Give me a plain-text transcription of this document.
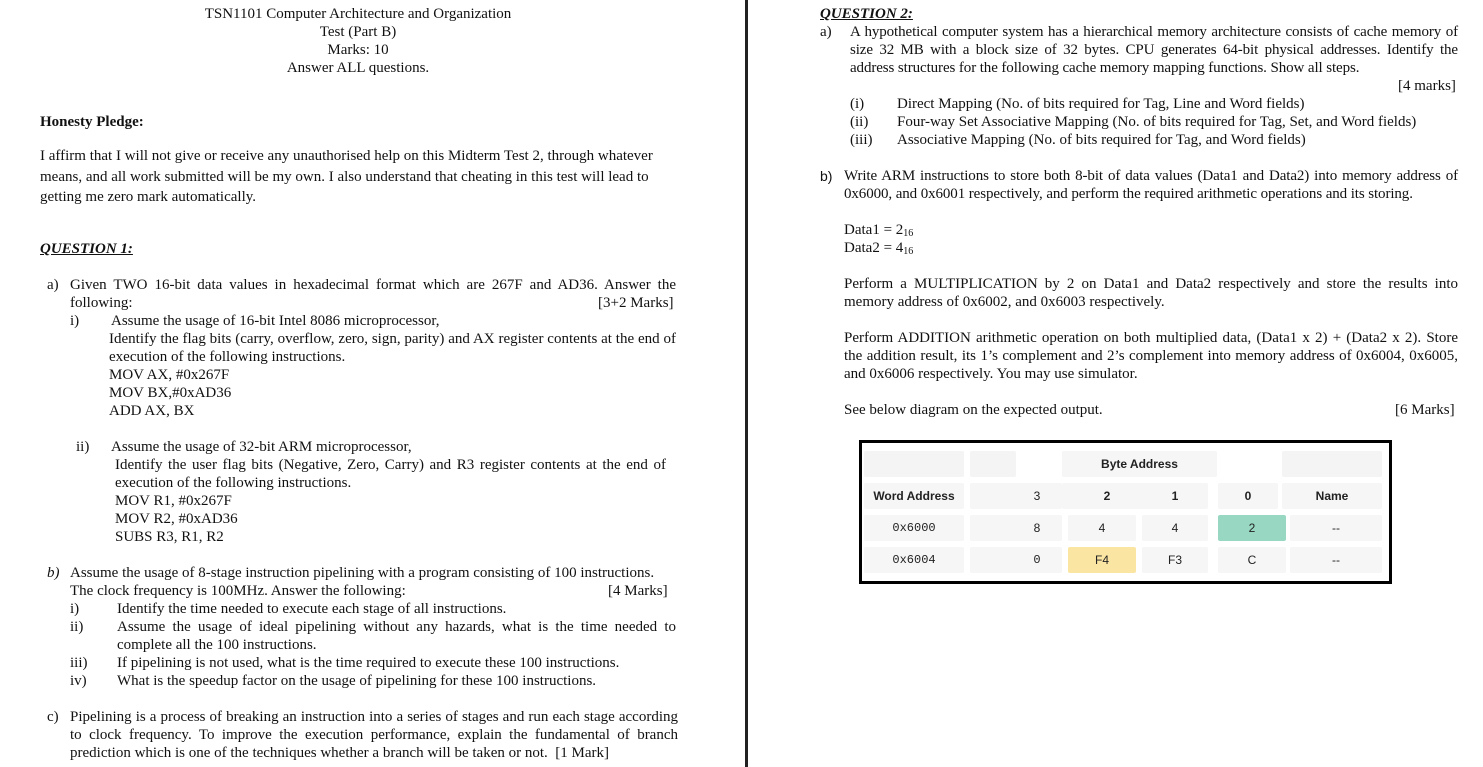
TSN1101 Computer Architecture and Organization
Test (Part B)
Marks: 10
Answer ALL questions.
Honesty Pledge:
I affirm that I will not give or receive any unauthorised help on this Midterm Test 2, through whatever means, and all work submitted will be my own. I also understand that cheating in this test will lead to getting me zero mark automatically.
QUESTION 1:
a) Given TWO 16-bit data values in hexadecimal format which are 267F and AD36. Answer the following:	[3+2 Marks]
i) Assume the usage of 16-bit Intel 8086 microprocessor,
Identify the flag bits (carry, overflow, zero, sign, parity) and AX register contents at the end of execution of the following instructions.
MOV AX, #0x267F
MOV BX,#0xAD36
ADD AX, BX
ii) Assume the usage of 32-bit ARM microprocessor,
Identify the user flag bits (Negative, Zero, Carry) and R3 register contents at the end of execution of the following instructions.
MOV R1, #0x267F
MOV R2, #0xAD36
SUBS R3, R1, R2
b) Assume the usage of 8-stage instruction pipelining with a program consisting of 100 instructions.
The clock frequency is 100MHz. Answer the following:	[4 Marks]
i)	Identify the time needed to execute each stage of all instructions.
ii) Assume the usage of ideal pipelining without any hazards, what is the time needed to complete all the 100 instructions.
iii) If pipelining is not used, what is the time required to execute these 100 instructions.
iv) What is the speedup factor on the usage of pipelining for these 100 instructions.
c) Pipelining is a process of breaking an instruction into a series of stages and run each stage according to clock frequency. To improve the execution performance, explain the fundamental of branch prediction which is one of the techniques whether a branch will be taken or not. [1 Mark]
QUESTION 2:
a) A hypothetical computer system has a hierarchical memory architecture consists of cache memory of size 32 MB with a block size of 32 bytes. CPU generates 64-bit physical addresses. Identify the address structures for the following cache memory mapping functions. Show all steps.
[4 marks]
(i) Direct Mapping (No. of bits required for Tag, Line and Word fields)
(ii) Four-way Set Associative Mapping (No. of bits required for Tag, Set, and Word fields)
(iii) Associative Mapping (No. of bits required for Tag, and Word fields)
b) Write ARM instructions to store both 8-bit of data values (Data1 and Data2) into memory address of 0x6000, and 0x6001 respectively, and perform the required arithmetic operations and its storing.
Data1 = $2_{16}$
Data2 = $4_{16}$
Perform a MULTIPLICATION by 2 on Data1 and Data2 respectively and store the results into memory address of 0x6002, and 0x6003 respectively.
Perform ADDITION arithmetic operation on both multiplied data, (Data1 x 2) + (Data2 x 2). Store the addition result, its 1’s complement and 2’s complement into memory address of 0x6004, 0x6005, and 0x6006 respectively. You may use simulator.
See below diagram on the expected output.	[6 Marks]
Byte Address
Word Address	3	2	1	0	Name
0x6000	8	4	4	2	--
0x6004	0	F4	F3	C	--
